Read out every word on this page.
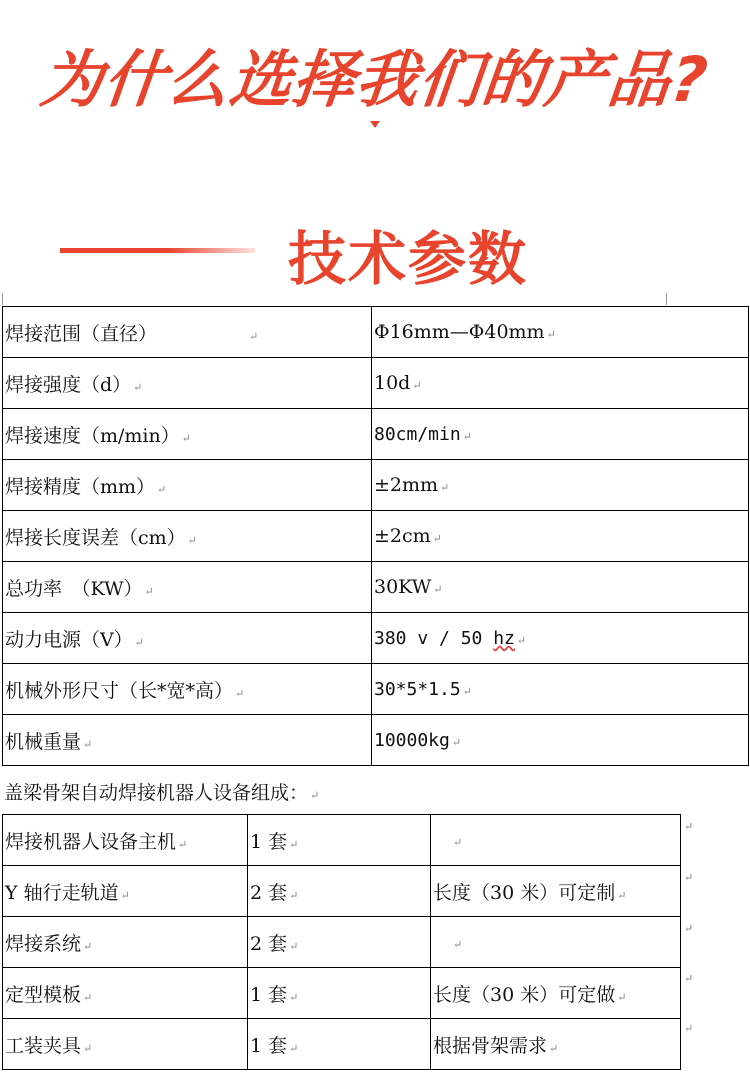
为什么选择我们的产品?
技术参数
焊接范围（直径） ↵	Φ16mm—Φ40mm ↵
焊接强度（d） ↵	10d ↵
焊接速度（m/min） ↵	80cm/min ↵
焊接精度（mm） ↵	±2mm ↵
焊接长度误差（cm） ↵	±2cm ↵
总功率　（KW） ↵	30KW ↵
动力电源（V） ↵	380 v / 50 hz ↵
机械外形尺寸（长*宽*高） ↵	30*5*1.5 ↵
机械重量 ↵	10000kg ↵
盖梁骨架自动焊接机器人设备组成： ↵
焊接机器人设备主机 ↵	1 套 ↵	↵
Y 轴行走轨道 ↵	2 套 ↵	长度（30 米）可定制 ↵
焊接系统 ↵	2 套 ↵	↵
定型模板 ↵	1 套 ↵	长度（30 米）可定做 ↵
工装夹具 ↵	1 套 ↵	根据骨架需求 ↵
↵
↵
↵
↵
↵
